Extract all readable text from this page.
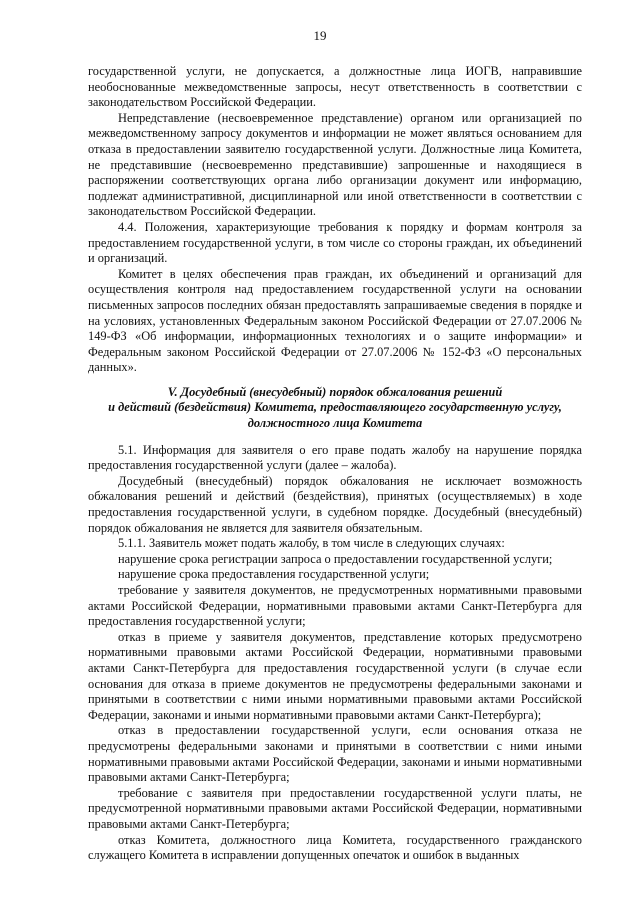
19

государственной услуги, не допускается, а должностные лица ИОГВ, направившие необоснованные межведомственные запросы, несут ответственность в соответствии с законодательством Российской Федерации.

Непредставление (несвоевременное представление) органом или организацией по межведомственному запросу документов и информации не может являться основанием для отказа в предоставлении заявителю государственной услуги. Должностные лица Комитета, не представившие (несвоевременно представившие) запрошенные и находящиеся в распоряжении соответствующих органа либо организации документ или информацию, подлежат административной, дисциплинарной или иной ответственности в соответствии с законодательством Российской Федерации.

4.4. Положения, характеризующие требования к порядку и формам контроля за предоставлением государственной услуги, в том числе со стороны граждан, их объединений и организаций.

Комитет в целях обеспечения прав граждан, их объединений и организаций для осуществления контроля над предоставлением государственной услуги на основании письменных запросов последних обязан предоставлять запрашиваемые сведения в порядке и на условиях, установленных Федеральным законом Российской Федерации от 27.07.2006 № 149-ФЗ «Об информации, информационных технологиях и о защите информации» и Федеральным законом Российской Федерации от 27.07.2006 № 152-ФЗ «О персональных данных».

V. Досудебный (внесудебный) порядок обжалования решений
и действий (бездействия) Комитета, предоставляющего государственную услугу,
должностного лица Комитета

5.1. Информация для заявителя о его праве подать жалобу на нарушение порядка предоставления государственной услуги (далее – жалоба).

Досудебный (внесудебный) порядок обжалования не исключает возможность обжалования решений и действий (бездействия), принятых (осуществляемых) в ходе предоставления государственной услуги, в судебном порядке. Досудебный (внесудебный) порядок обжалования не является для заявителя обязательным.

5.1.1. Заявитель может подать жалобу, в том числе в следующих случаях:

нарушение срока регистрации запроса о предоставлении государственной услуги;

нарушение срока предоставления государственной услуги;

требование у заявителя документов, не предусмотренных нормативными правовыми актами Российской Федерации, нормативными правовыми актами Санкт-Петербурга для предоставления государственной услуги;

отказ в приеме у заявителя документов, представление которых предусмотрено нормативными правовыми актами Российской Федерации, нормативными правовыми актами Санкт-Петербурга для предоставления государственной услуги (в случае если основания для отказа в приеме документов не предусмотрены федеральными законами и принятыми в соответствии с ними иными нормативными правовыми актами Российской Федерации, законами и иными нормативными правовыми актами Санкт-Петербурга);

отказ в предоставлении государственной услуги, если основания отказа не предусмотрены федеральными законами и принятыми в соответствии с ними иными нормативными правовыми актами Российской Федерации, законами и иными нормативными правовыми актами Санкт-Петербурга;

требование с заявителя при предоставлении государственной услуги платы, не предусмотренной нормативными правовыми актами Российской Федерации, нормативными правовыми актами Санкт-Петербурга;

отказ Комитета, должностного лица Комитета, государственного гражданского служащего Комитета в исправлении допущенных опечаток и ошибок в выданных
